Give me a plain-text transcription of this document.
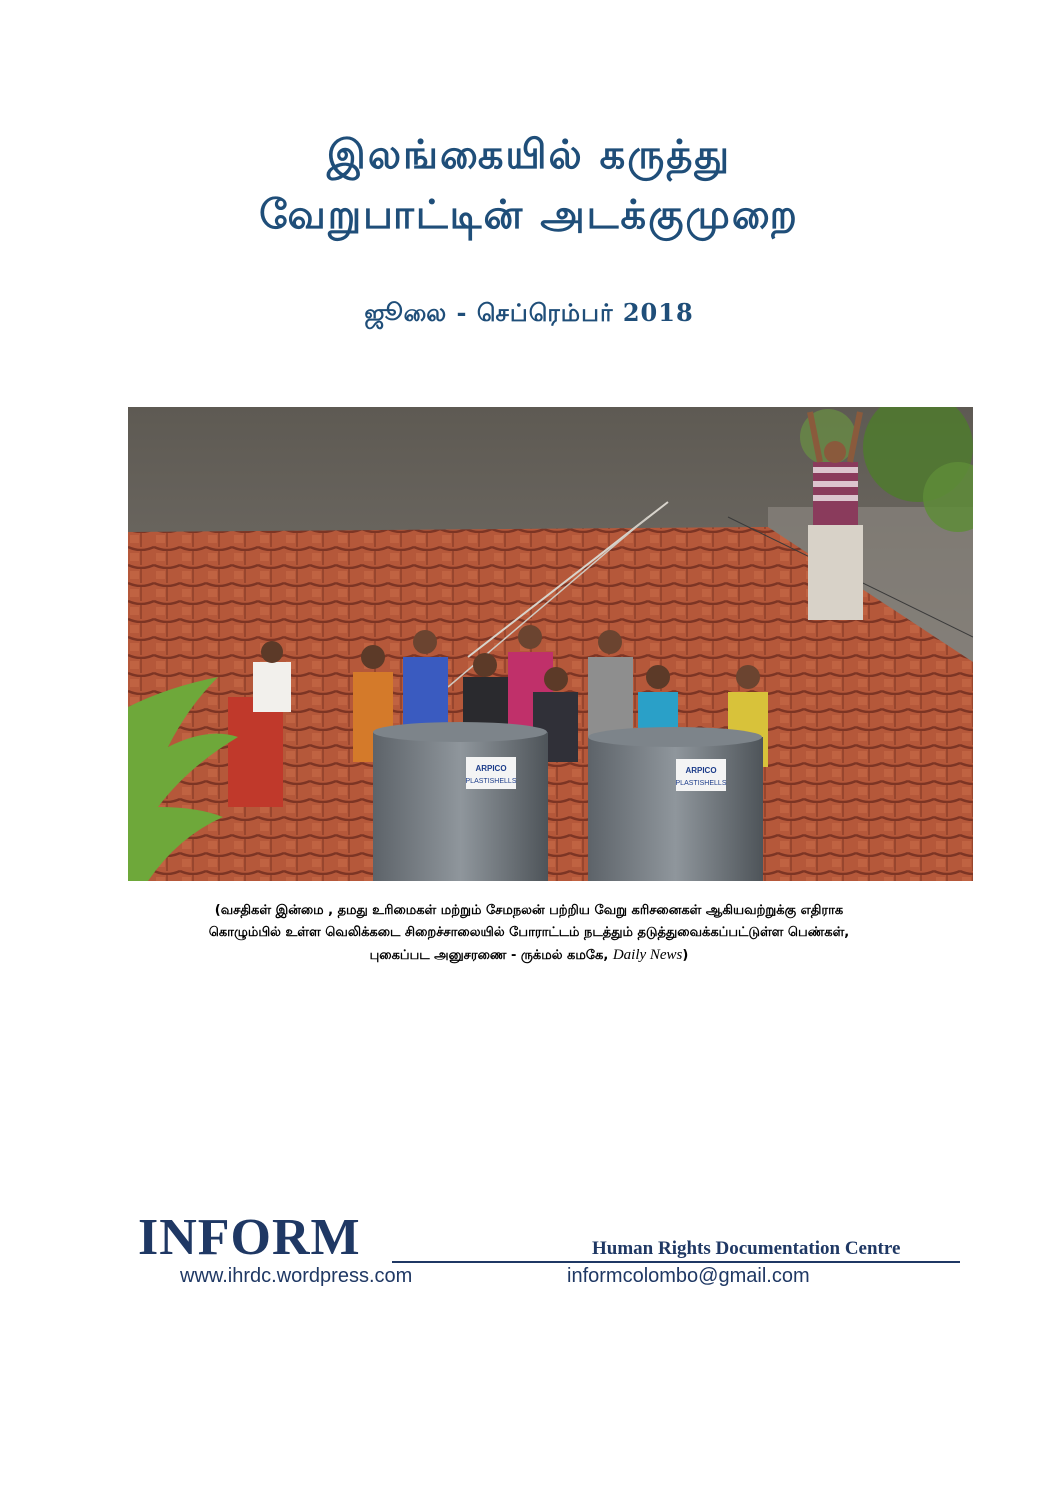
இலங்கையில் கருத்து
வேறுபாட்டின் அடக்குமுறை
ஜூலை - செப்ரெம்பர் 2018
ARPICO
PLASTISHELLS
ARPICO
PLASTISHELLS
(வசதிகள் இன்மை , தமது உரிமைகள் மற்றும் சேமநலன் பற்றிய வேறு கரிசனைகள் ஆகியவற்றுக்கு எதிராக
கொழும்பில் உள்ள வெலிக்கடை சிறைச்சாலையில் போராட்டம் நடத்தும் தடுத்துவைக்கப்பட்டுள்ள பெண்கள்,
புகைப்பட அனுசரணை - ருக்மல் கமகே, Daily News)
INFORM	Human Rights Documentation Centre
www.ihrdc.wordpress.com	informcolombo@gmail.com
